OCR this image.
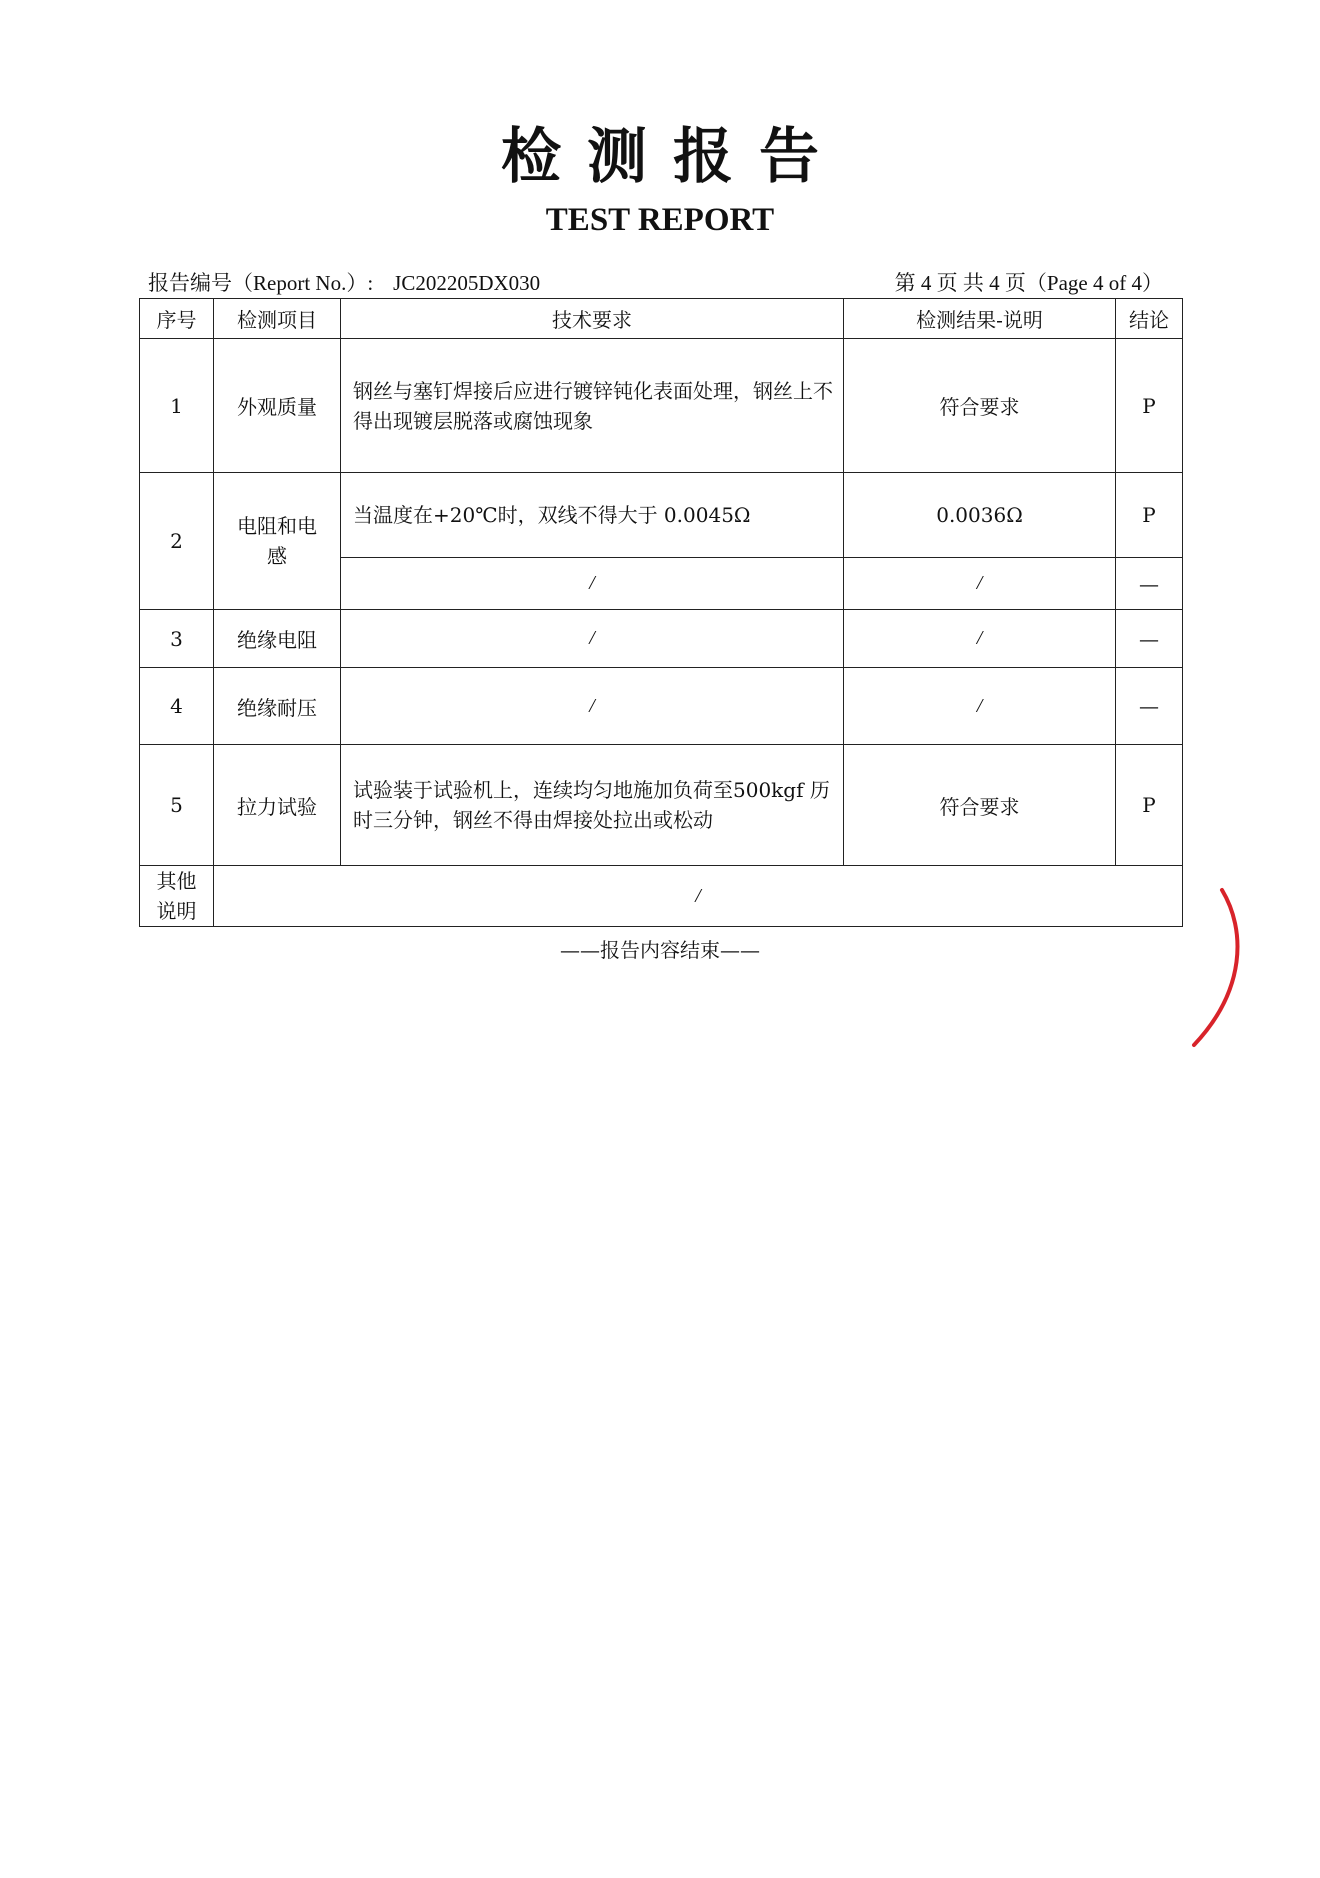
检测报告
TEST REPORT
报告编号（Report No.）: JC202205DX030	第 4 页 共 4 页（Page 4 of 4）
序号	检测项目	技术要求	检测结果-说明	结论
1	外观质量	钢丝与塞钉焊接后应进行镀锌钝化表面处理，钢丝上不得出现镀层脱落或腐蚀现象	符合要求	P
2	电阻和电感	当温度在+20℃时，双线不得大于 0.0045Ω	0.0036Ω	P
		/	/	—
3	绝缘电阻	/	/	—
4	绝缘耐压	/	/	—
5	拉力试验	试验装于试验机上，连续均匀地施加负荷至500kgf 历时三分钟，钢丝不得由焊接处拉出或松动	符合要求	P
其他说明	/			
——报告内容结束——
